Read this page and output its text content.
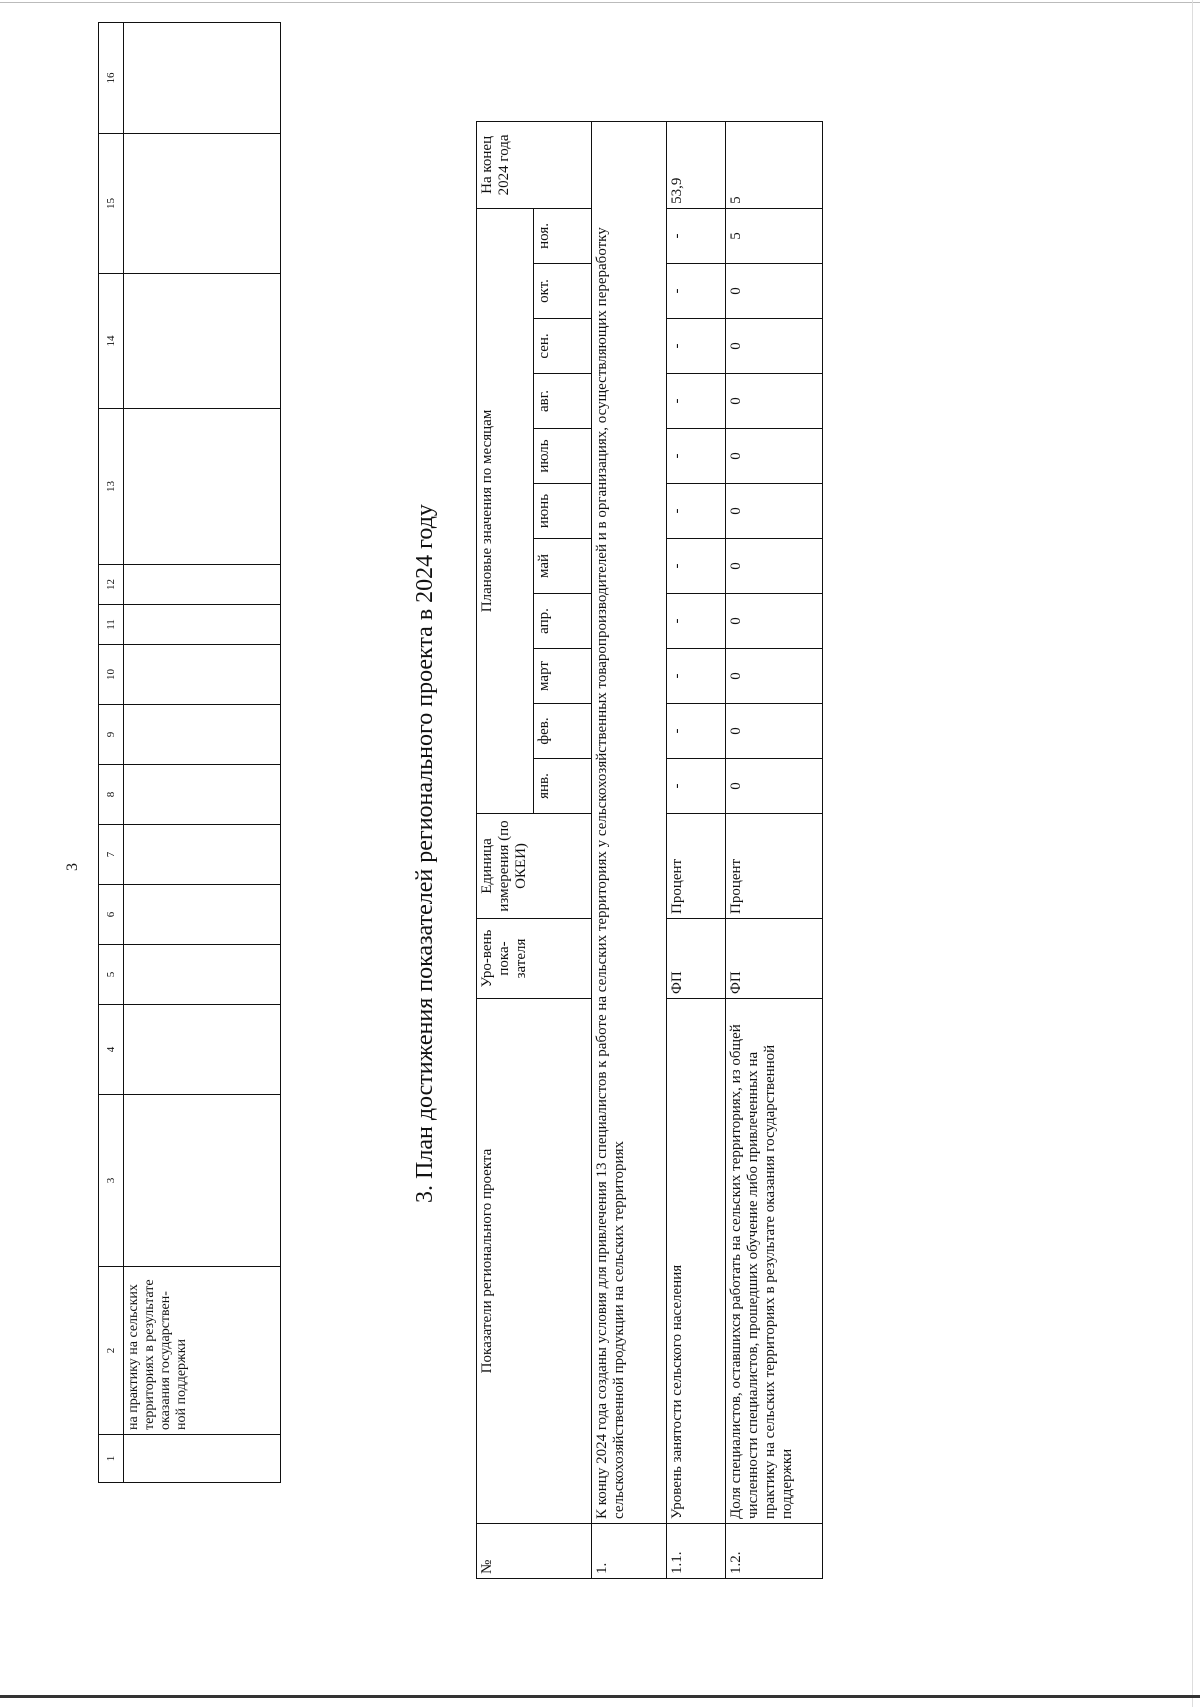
3
1	2	3	4	5	6	7	8	9	10	11	12	13	14	15	16
	на практику на сельских территориях в результате оказания государствен-ной поддержки														
3. План достижения показателей регионального проекта в 2024 году
№	Показатели регионального проекта	Уро-вень пока-зателя	Единица измерения (по ОКЕИ)	Плановые значения по месяцам											На конец 2024 года
				янв.	фев.	март	апр.	май	июнь	июль	авг.	сен.	окт.	ноя.	
1.	К концу 2024 года созданы условия для привлечения 13 специалистов к работе на сельских территориях у сельскохозяйственных товаропроизводителей и в организациях, осуществляющих переработку сельскохозяйственной продукции на сельских территориях														
1.1.	Уровень занятости сельского населения	ФП	Процент	-	-	-	-	-	-	-	-	-	-	-	53,9
1.2.	Доля специалистов, оставшихся работать на сельских территориях, из общей численности специалистов, прошедших обучение либо привлеченных на практику на сельских территориях в результате оказания государственной поддержки	ФП	Процент	0	0	0	0	0	0	0	0	0	0	5	5
